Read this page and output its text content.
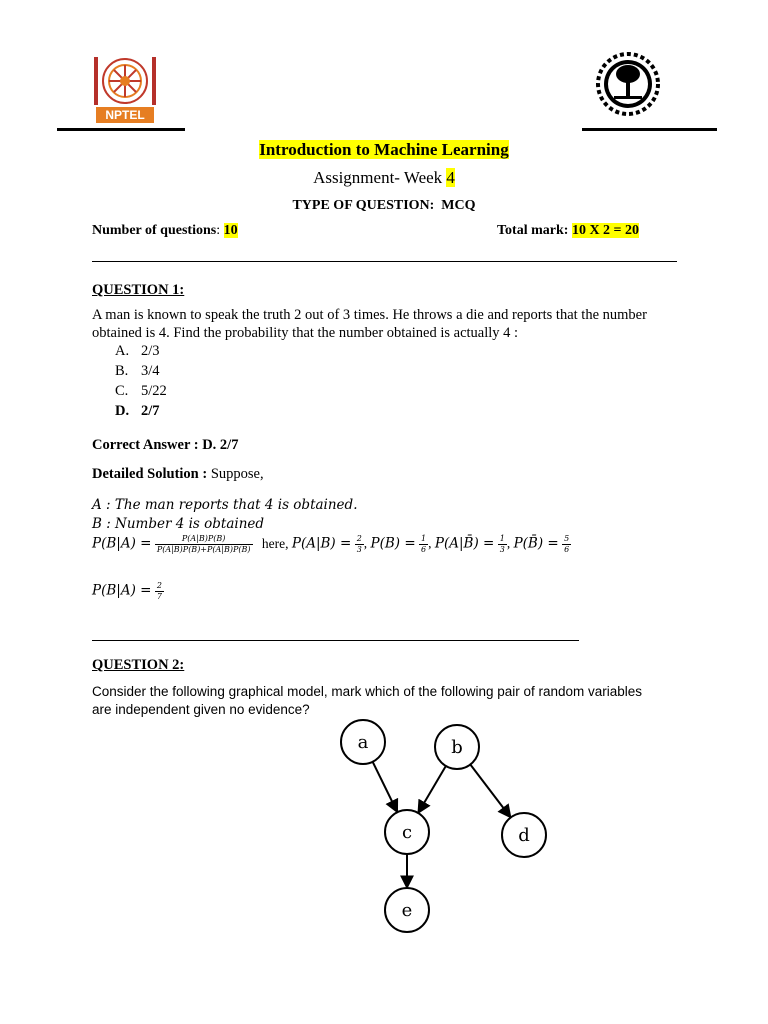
NPTEL

Introduction to Machine Learning
Assignment- Week 4
TYPE OF QUESTION:  MCQ
Number of questions: 10	Total mark: 10 X 2 = 20
QUESTION 1:
A man is known to speak the truth 2 out of 3 times. He throws a die and reports that the number
obtained is 4. Find the probability that the number obtained is actually 4 :
A. 2/3
B. 3/4
C. 5/22
D. 2/7
Correct Answer : D. 2/7
Detailed Solution : Suppose,
A : The man reports that 4 is obtained.
B : Number 4 is obtained
$P(B|A) = \frac{P(A|B)P(B)}{P(A|B)P(B)+P(A|B̄)P(B̄)}$ here, $P(A|B) = \frac{2}{3}$ , $P(B) = \frac{1}{6}$ , P(A|B̄) = $\frac{1}{3}$ , P(B̄) = $\frac{5}{6}$
$P(B|A) = \frac{2}{7}$
QUESTION 2:
Consider the following graphical model, mark which of the following pair of random variables
are independent given no evidence?
a	b
c	d
e
